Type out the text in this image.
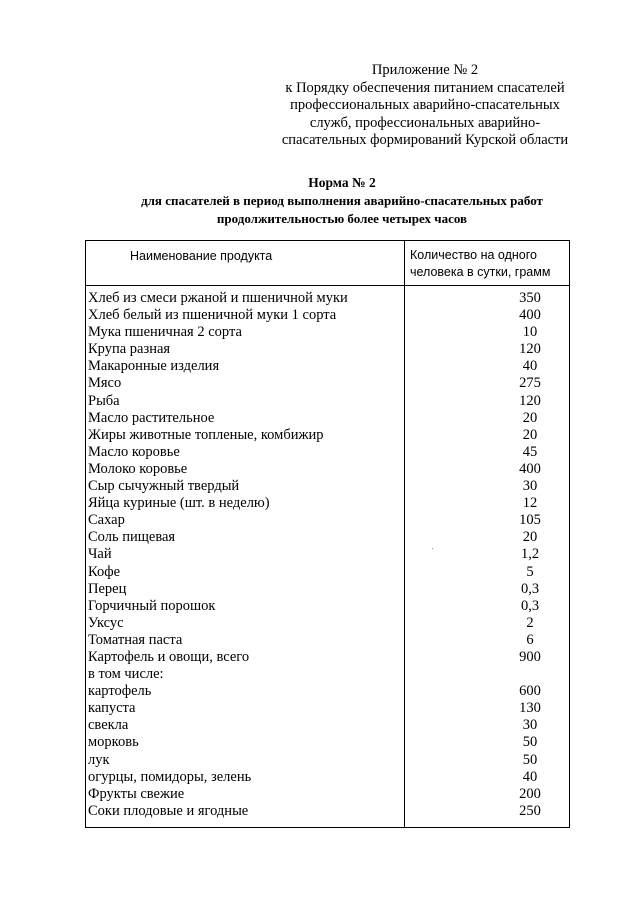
Приложение № 2
к Порядку обеспечения питанием спасателей
профессиональных аварийно-спасательных
служб, профессиональных аварийно-
спасательных формирований Курской области
Норма № 2
для спасателей в период выполнения аварийно-спасательных работ
продолжительностью более четырех часов
Наименование продукта	Количество на одного
человека в сутки, грамм
Хлеб из смеси ржаной и пшеничной муки	350
Хлеб белый из пшеничной муки 1 сорта	400
Мука пшеничная 2 сорта	10
Крупа разная	120
Макаронные изделия	40
Мясо	275
Рыба	120
Масло растительное	20
Жиры животные топленые, комбижир	20
Масло коровье	45
Молоко коровье	400
Сыр сычужный твердый	30
Яйца куриные (шт. в неделю)	12
Сахар	105
Соль пищевая	20
Чай	1,2
Кофе	5
Перец	0,3
Горчичный порошок	0,3
Уксус	2
Томатная паста	6
Картофель и овощи, всего	900
в том числе:
картофель	600
капуста	130
свекла	30
морковь	50
лук	50
огурцы, помидоры, зелень	40
Фрукты свежие	200
Соки плодовые и ягодные	250
